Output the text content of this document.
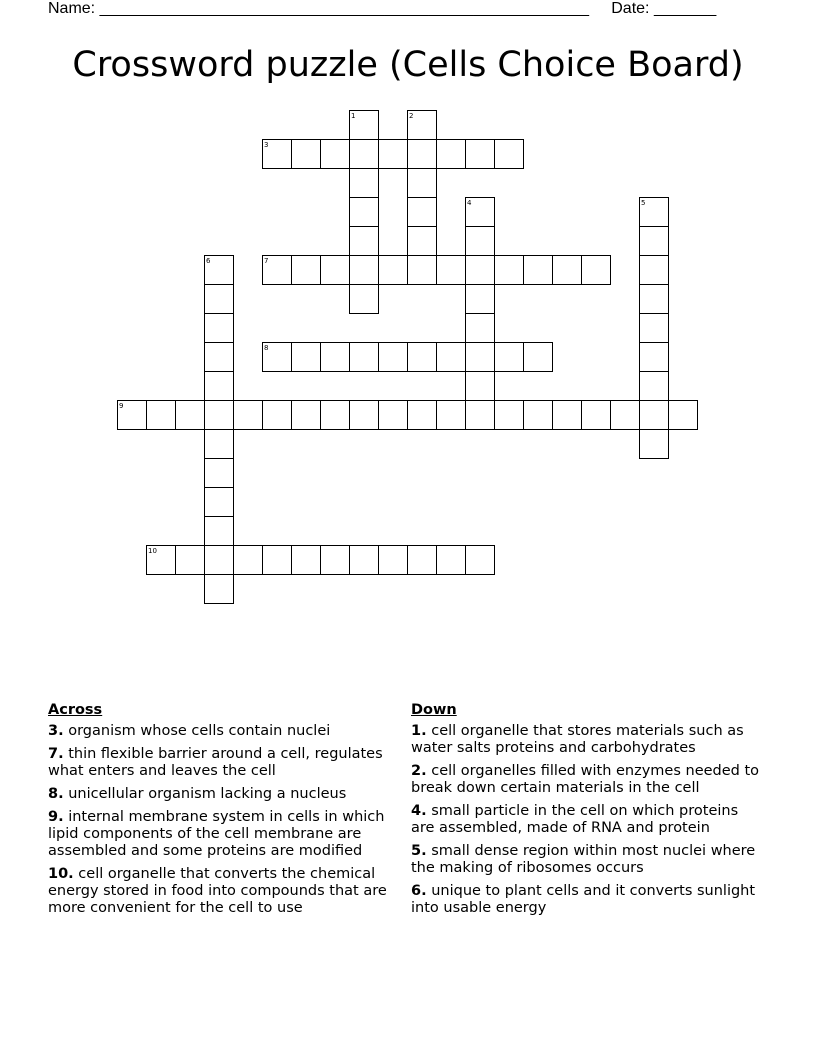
Name: _______________________________________________________ Date: _______
Crossword puzzle (Cells Choice Board)
3
7
8
9
10
1	2
4	5
6
Across
3. organism whose cells contain nuclei
7. thin flexible barrier around a cell, regulates what enters and leaves the cell
8. unicellular organism lacking a nucleus
9. internal membrane system in cells in which lipid components of the cell membrane are assembled and some proteins are modified
10. cell organelle that converts the chemical energy stored in food into compounds that are more convenient for the cell to use
Down
1. cell organelle that stores materials such as water salts proteins and carbohydrates
2. cell organelles filled with enzymes needed to break down certain materials in the cell
4. small particle in the cell on which proteins are assembled, made of RNA and protein
5. small dense region within most nuclei where the making of ribosomes occurs
6. unique to plant cells and it converts sunlight into usable energy
